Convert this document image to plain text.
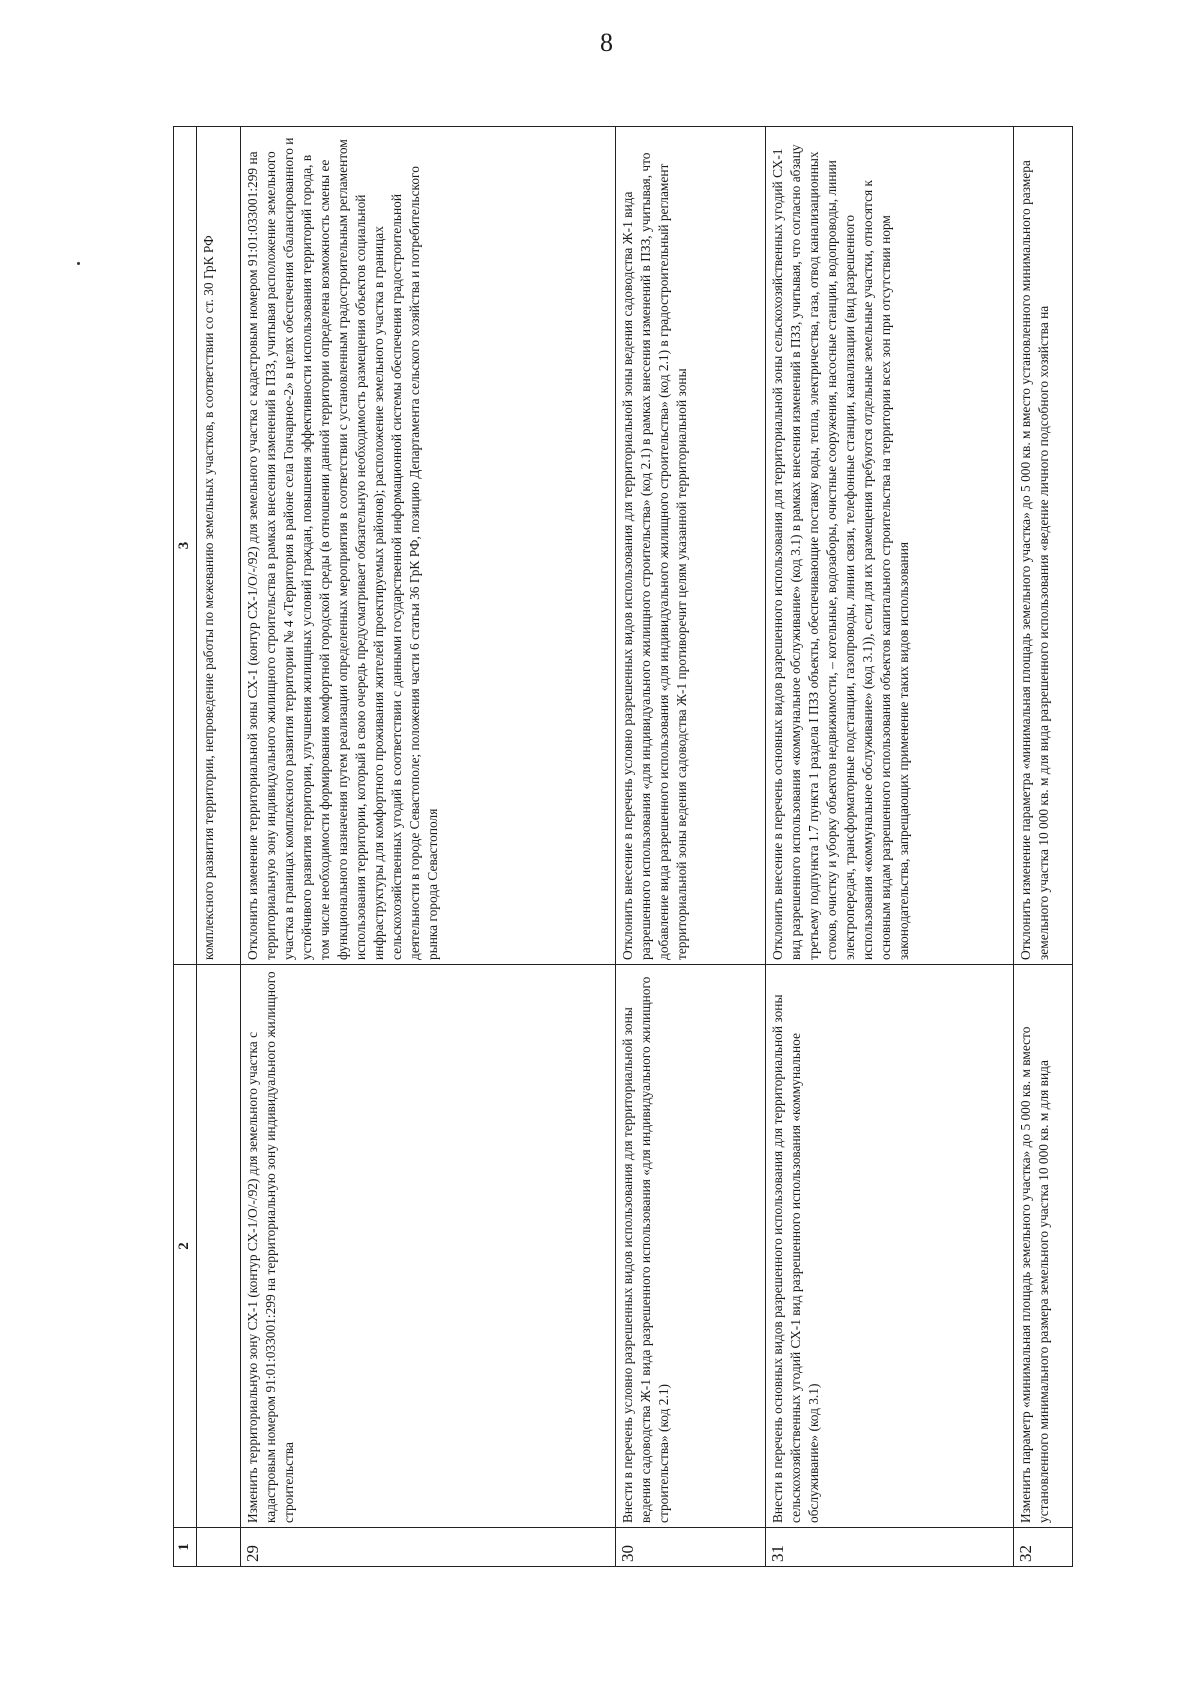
8
1	2	3
		комплексного развития территории, непроведение работы по межеванию земельных участков, в соответствии со ст. 30 ГрК РФ
29	Изменить территориальную зону СХ-1 (контур СХ-1/О/-/92) для земельного участка с кадастровым номером 91:01:033001:299 на территориальную зону индивидуального жилищного строительства	Отклонить изменение территориальной зоны СХ-1 (контур СХ-1/О/-/92) для земельного участка с кадастровым номером 91:01:033001:299 на территориальную зону индивидуального жилищного строительства в рамках внесения изменений в ПЗЗ, учитывая расположение земельного участка в границах комплексного развития территории № 4 «Территория в районе села Гончарное-2» в целях обеспечения сбалансированного и устойчивого развития территории, улучшения жилищных условий граждан, повышения эффективности использования территорий города, в том числе необходимости формирования комфортной городской среды (в отношении данной территории определена возможность смены ее функционального назначения путем реализации определенных мероприятия в соответствии с установленным градостроительным регламентом использования территории, который в свою очередь предусматривает обязательную необходимость размещения объектов социальной инфраструктуры для комфортного проживания жителей проектируемых районов); расположение земельного участка в границах сельскохозяйственных угодий в соответствии с данными государственной информационной системы обеспечения градостроительной деятельности в городе Севастополе; положения части 6 статьи 36 ГрК РФ, позицию Департамента сельского хозяйства и потребительского рынка города Севастополя
30	Внести в перечень условно разрешенных видов использования для территориальной зоны ведения садоводства Ж-1 вида разрешенного использования «для индивидуального жилищного строительства» (код 2.1)	Отклонить внесение в перечень условно разрешенных видов использования для территориальной зоны ведения садоводства Ж-1 вида разрешенного использования «для индивидуального жилищного строительства» (код 2.1) в рамках внесения изменений в ПЗЗ, учитывая, что добавление вида разрешенного использования «для индивидуального жилищного строительства» (код 2.1) в градостроительный регламент территориальной зоны ведения садоводства Ж-1 противоречит целям указанной территориальной зоны
31	Внести в перечень основных видов разрешенного использования для территориальной зоны сельскохозяйственных угодий СХ-1 вид разрешенного использования «коммунальное обслуживание» (код 3.1)	Отклонить внесение в перечень основных видов разрешенного использования для территориальной зоны сельскохозяйственных угодий СХ-1 вид разрешенного использования «коммунальное обслуживание» (код 3.1) в рамках внесения изменений в ПЗЗ, учитывая, что согласно абзацу третьему подпункта 1.7 пункта 1 раздела I ПЗЗ объекты, обеспечивающие поставку воды, тепла, электричества, газа, отвод канализационных стоков, очистку и уборку объектов недвижимости, – котельные, водозаборы, очистные сооружения, насосные станции, водопроводы, линии электропередач, трансформаторные подстанции, газопроводы, линии связи, телефонные станции, канализации (вид разрешенного использования «коммунальное обслуживание» (код 3.1)), если для их размещения требуются отдельные земельные участки, относятся к основным видам разрешенного использования объектов капитального строительства на территории всех зон при отсутствии норм законодательства, запрещающих применение таких видов использования
32	Изменить параметр «минимальная площадь земельного участка» до 5 000 кв. м вместо установленного минимального размера земельного участка 10 000 кв. м для вида	Отклонить изменение параметра «минимальная площадь земельного участка» до 5 000 кв. м вместо установленного минимального размера земельного участка 10 000 кв. м для вида разрешенного использования «ведение личного подсобного хозяйства на
